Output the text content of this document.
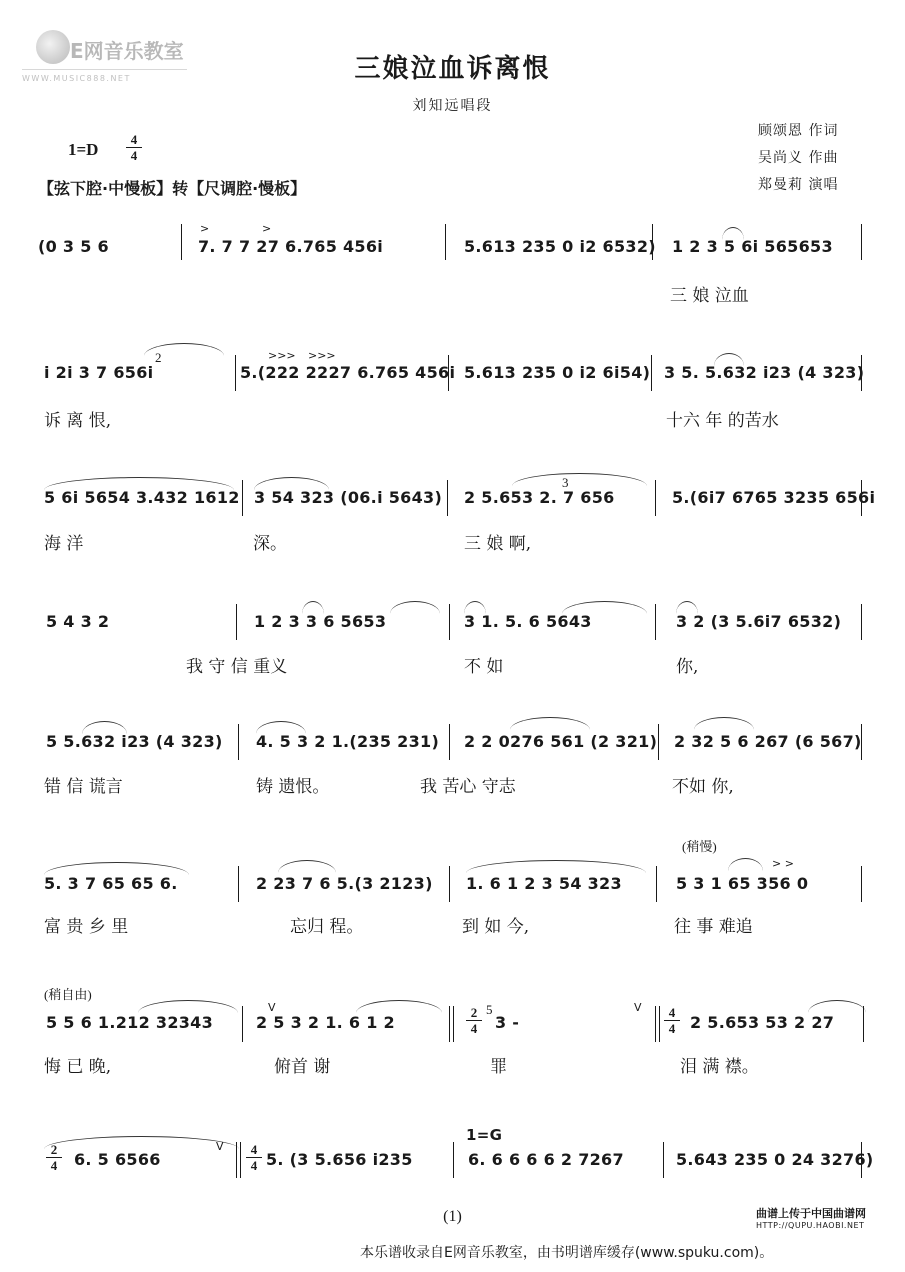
E网音乐教室
WWW.MUSIC888.NET	三娘泣血诉离恨
刘知远唱段
顾颂恩 作词
吴尚义 作曲
郑曼莉 演唱
1=D
4
4
【弦下腔·中慢板】转【尺调腔·慢板】
(0 3 5 6	7. 7 7 27 6.765 456i
>	>
5.613 235 0 i2 6532) 1 2 3 5 6i 565653
三 娘 泣血
i 2i 3 7 656i
2
5.(222 2227 6.765 456i
>>> >>>
5.613 235 0 i2 6i54) 3 5. 5.632 i23 (4 323)
诉 离 恨,	十六 年 的苦水
5 6i 5654 3.432 1612 3 54 323 (06.i 5643)
3
2 5.653 2. 7 656	5.(6i7 6765 3235 656i
海 洋	深。	三 娘 啊,
5 4 3 2	1 2 3 3 6 5653	3 1. 5. 6 5643	3 2 (3 5.6i7 6532)
我 守 信 重义	不 如	你,
5 5.632 i23 (4 323) 4. 5 3 2 1.(235 231) 2 2 0276 561 (2 321) 2 32 5 6 267 (6 567)
错 信 谎言	铸 遗恨。	我 苦心 守志	不如 你,
(稍慢)
5. 3 7 65 65 6.	2 23 7 6 5.(3 2123) 1. 6 1 2 3 54 323
> >
5 3 1 65 356 0
富 贵 乡 里	忘归 程。	到 如 今,	往 事 难追
(稍自由)
5 5 6 1.212 32343
V
2 5 3 2 1. 6 1 2
2
4
5
3 -
V	4
4 2 5.653 53 2 27
悔 已 晚,	俯首 谢	罪	泪 满 襟。
2
4 6. 5 6566
V	4
4 5. (3 5.656 i235
1=G
6. 6 6 6 6 2 7267	5.643 235 0 24 3276)
(1)	曲谱上传于中国曲谱网
HTTP://QUPU.HAOBI.NET
本乐谱收录自E网音乐教室，由书明谱库缓存(www.spuku.com)。
